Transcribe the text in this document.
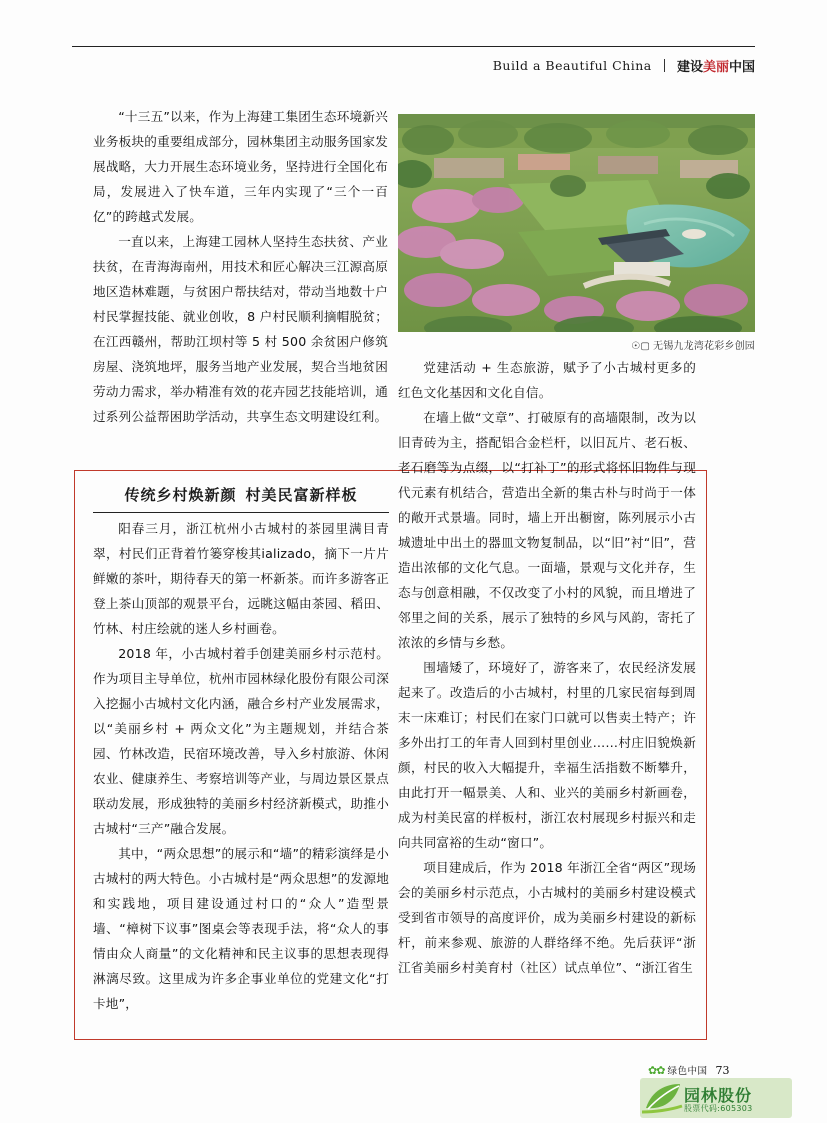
Build a Beautiful China 建设美丽中国
☉▢ 无锡九龙湾花彩乡创园

“十三五”以来，作为上海建工集团生态环境新兴业务板块的重要组成部分，园林集团主动服务国家发展战略，大力开展生态环境业务，坚持进行全国化布局，发展进入了快车道，三年内实现了“三个一百亿”的跨越式发展。

一直以来，上海建工园林人坚持生态扶贫、产业扶贫，在青海海南州，用技术和匠心解决三江源高原地区造林难题，与贫困户帮扶结对，带动当地数十户村民掌握技能、就业创收，8 户村民顺利摘帽脱贫；在江西赣州，帮助江坝村等 5 村 500 余贫困户修筑房屋、浇筑地坪，服务当地产业发展，契合当地贫困劳动力需求，举办精准有效的花卉园艺技能培训，通过系列公益帮困助学活动，共享生态文明建设红利。

传统乡村焕新颜 村美民富新样板

阳春三月，浙江杭州小古城村的茶园里满目青翠，村民们正背着竹篓穿梭其ializado，摘下一片片鲜嫩的茶叶，期待春天的第一杯新茶。而许多游客正登上茶山顶部的观景平台，远眺这幅由茶园、稻田、竹林、村庄绘就的迷人乡村画卷。

2018 年，小古城村着手创建美丽乡村示范村。作为项目主导单位，杭州市园林绿化股份有限公司深入挖掘小古城村文化内涵，融合乡村产业发展需求，以“美丽乡村 + 两众文化”为主题规划，并结合茶园、竹林改造，民宿环境改善，导入乡村旅游、休闲农业、健康养生、考察培训等产业，与周边景区景点联动发展，形成独特的美丽乡村经济新模式，助推小古城村“三产”融合发展。

其中，“两众思想”的展示和“墙”的精彩演绎是小古城村的两大特色。小古城村是“两众思想”的发源地和实践地，项目建设通过村口的“众人”造型景墙、“樟树下议事”图桌会等表现手法，将“众人的事情由众人商量”的文化精神和民主议事的思想表现得淋漓尽致。这里成为许多企事业单位的党建文化“打卡地”，

党建活动 + 生态旅游，赋予了小古城村更多的红色文化基因和文化自信。

在墙上做“文章”、打破原有的高墙限制，改为以旧青砖为主，搭配铝合金栏杆，以旧瓦片、老石板、老石磨等为点缀，以“打补丁”的形式将怀旧物件与现代元素有机结合，营造出全新的集古朴与时尚于一体的敞开式景墙。同时，墙上开出橱窗，陈列展示小古城遗址中出土的器皿文物复制品，以“旧”衬“旧”，营造出浓郁的文化气息。一面墙，景观与文化并存，生态与创意相融，不仅改变了小村的风貌，而且增进了邻里之间的关系，展示了独特的乡风与风韵，寄托了浓浓的乡情与乡愁。

围墙矮了，环境好了，游客来了，农民经济发展起来了。改造后的小古城村，村里的几家民宿每到周末一床难订；村民们在家门口就可以售卖土特产；许多外出打工的年青人回到村里创业……村庄旧貌焕新颜，村民的收入大幅提升，幸福生活指数不断攀升，由此打开一幅景美、人和、业兴的美丽乡村新画卷，成为村美民富的样板村，浙江农村展现乡村振兴和走向共同富裕的生动“窗口”。

项目建成后，作为 2018 年浙江全省“两区”现场会的美丽乡村示范点，小古城村的美丽乡村建设模式受到省市领导的高度评价，成为美丽乡村建设的新标杆，前来参观、旅游的人群络绎不绝。先后获评“浙江省美丽乡村美育村（社区）试点单位”、“浙江省生

✿✿ 绿色中国 73
园林股份
股票代码:605303
